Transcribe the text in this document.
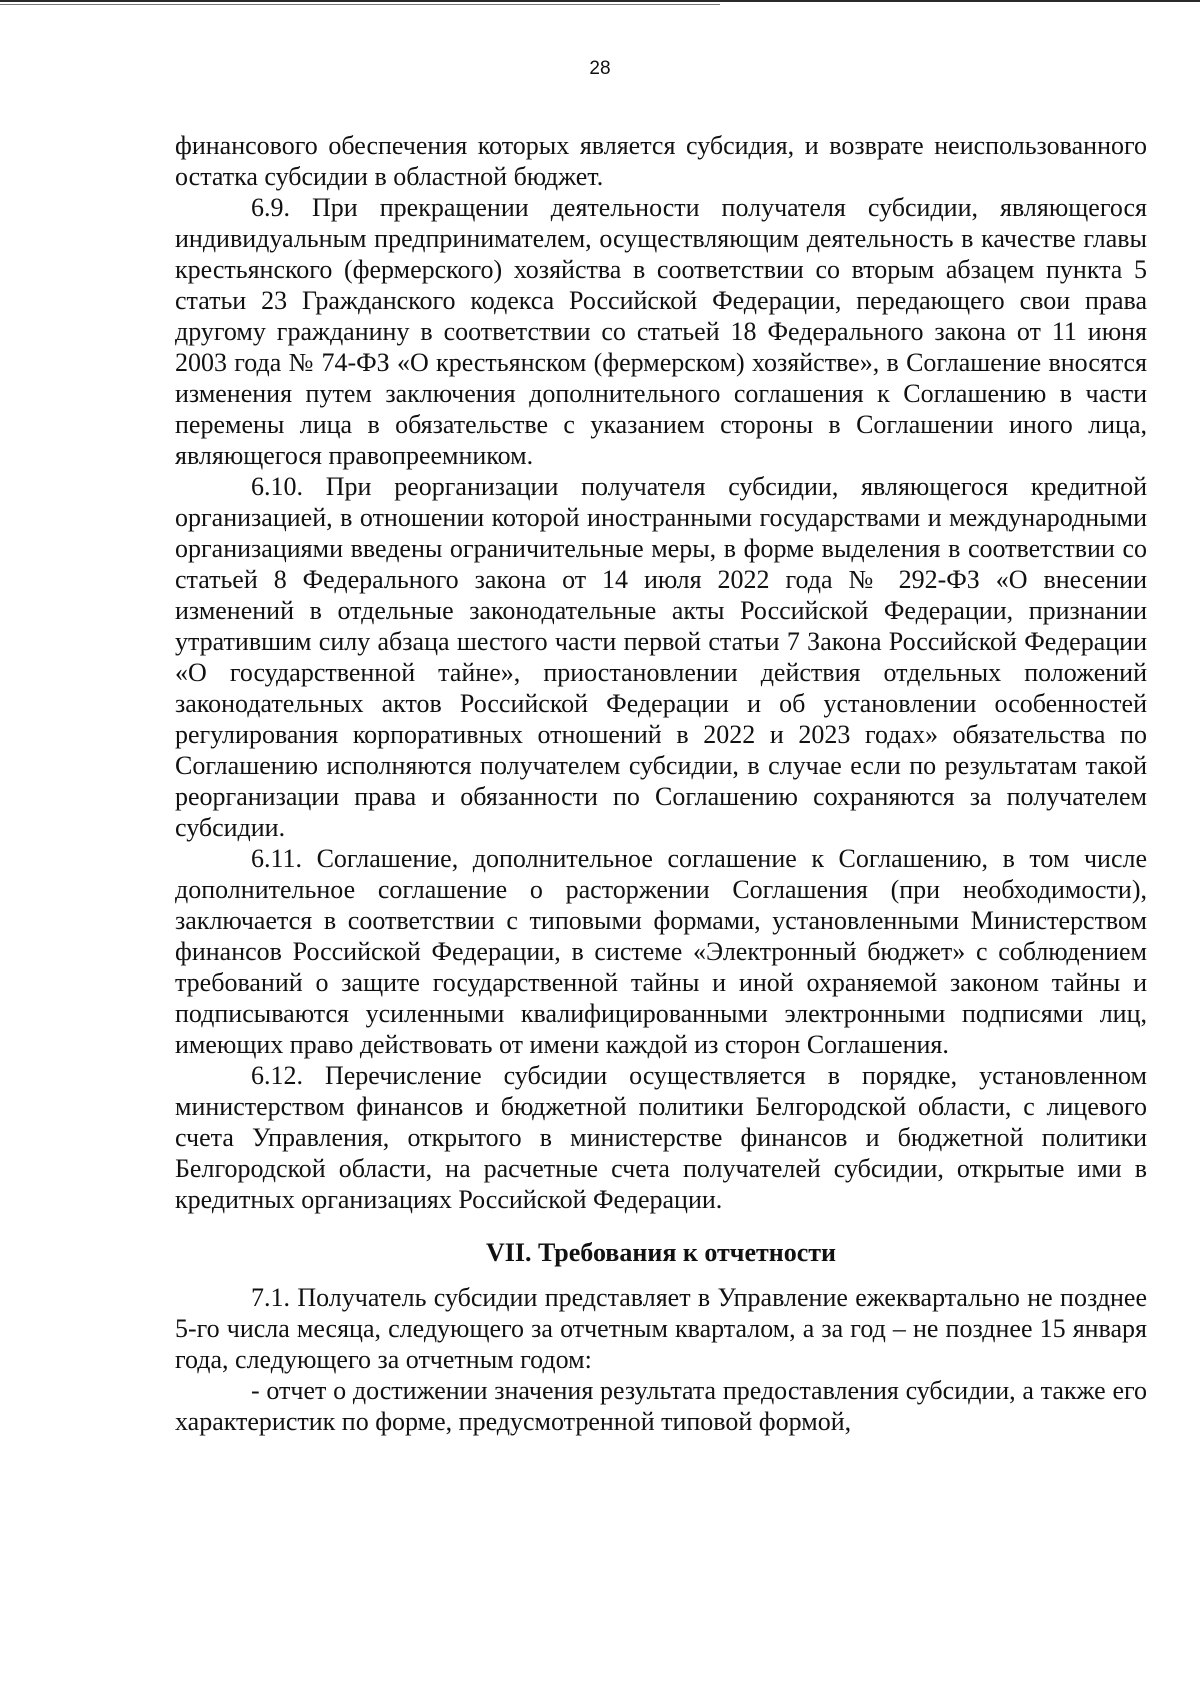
28

финансового обеспечения которых является субсидия, и возврате неиспользованного остатка субсидии в областной бюджет.

6.9. При прекращении деятельности получателя субсидии, являющегося индивидуальным предпринимателем, осуществляющим деятельность в качестве главы крестьянского (фермерского) хозяйства в соответствии со вторым абзацем пункта 5 статьи 23 Гражданского кодекса Российской Федерации, передающего свои права другому гражданину в соответствии со статьей 18 Федерального закона от 11 июня 2003 года № 74-ФЗ «О крестьянском (фермерском) хозяйстве», в Соглашение вносятся изменения путем заключения дополнительного соглашения к Соглашению в части перемены лица в обязательстве с указанием стороны в Соглашении иного лица, являющегося правопреемником.

6.10. При реорганизации получателя субсидии, являющегося кредитной организацией, в отношении которой иностранными государствами и международными организациями введены ограничительные меры, в форме выделения в соответствии со статьей 8 Федерального закона от 14 июля 2022 года № 292-ФЗ «О внесении изменений в отдельные законодательные акты Российской Федерации, признании утратившим силу абзаца шестого части первой статьи 7 Закона Российской Федерации «О государственной тайне», приостановлении действия отдельных положений законодательных актов Российской Федерации и об установлении особенностей регулирования корпоративных отношений в 2022 и 2023 годах» обязательства по Соглашению исполняются получателем субсидии, в случае если по результатам такой реорганизации права и обязанности по Соглашению сохраняются за получателем субсидии.

6.11. Соглашение, дополнительное соглашение к Соглашению, в том числе дополнительное соглашение о расторжении Соглашения (при необходимости), заключается в соответствии с типовыми формами, установленными Министерством финансов Российской Федерации, в системе «Электронный бюджет» с соблюдением требований о защите государственной тайны и иной охраняемой законом тайны и подписываются усиленными квалифицированными электронными подписями лиц, имеющих право действовать от имени каждой из сторон Соглашения.

6.12. Перечисление субсидии осуществляется в порядке, установленном министерством финансов и бюджетной политики Белгородской области, с лицевого счета Управления, открытого в министерстве финансов и бюджетной политики Белгородской области, на расчетные счета получателей субсидии, открытые ими в кредитных организациях Российской Федерации.

VII. Требования к отчетности

7.1. Получатель субсидии представляет в Управление ежеквартально не позднее 5-го числа месяца, следующего за отчетным кварталом, а за год – не позднее 15 января года, следующего за отчетным годом:

- отчет о достижении значения результата предоставления субсидии, а также его характеристик по форме, предусмотренной типовой формой,
